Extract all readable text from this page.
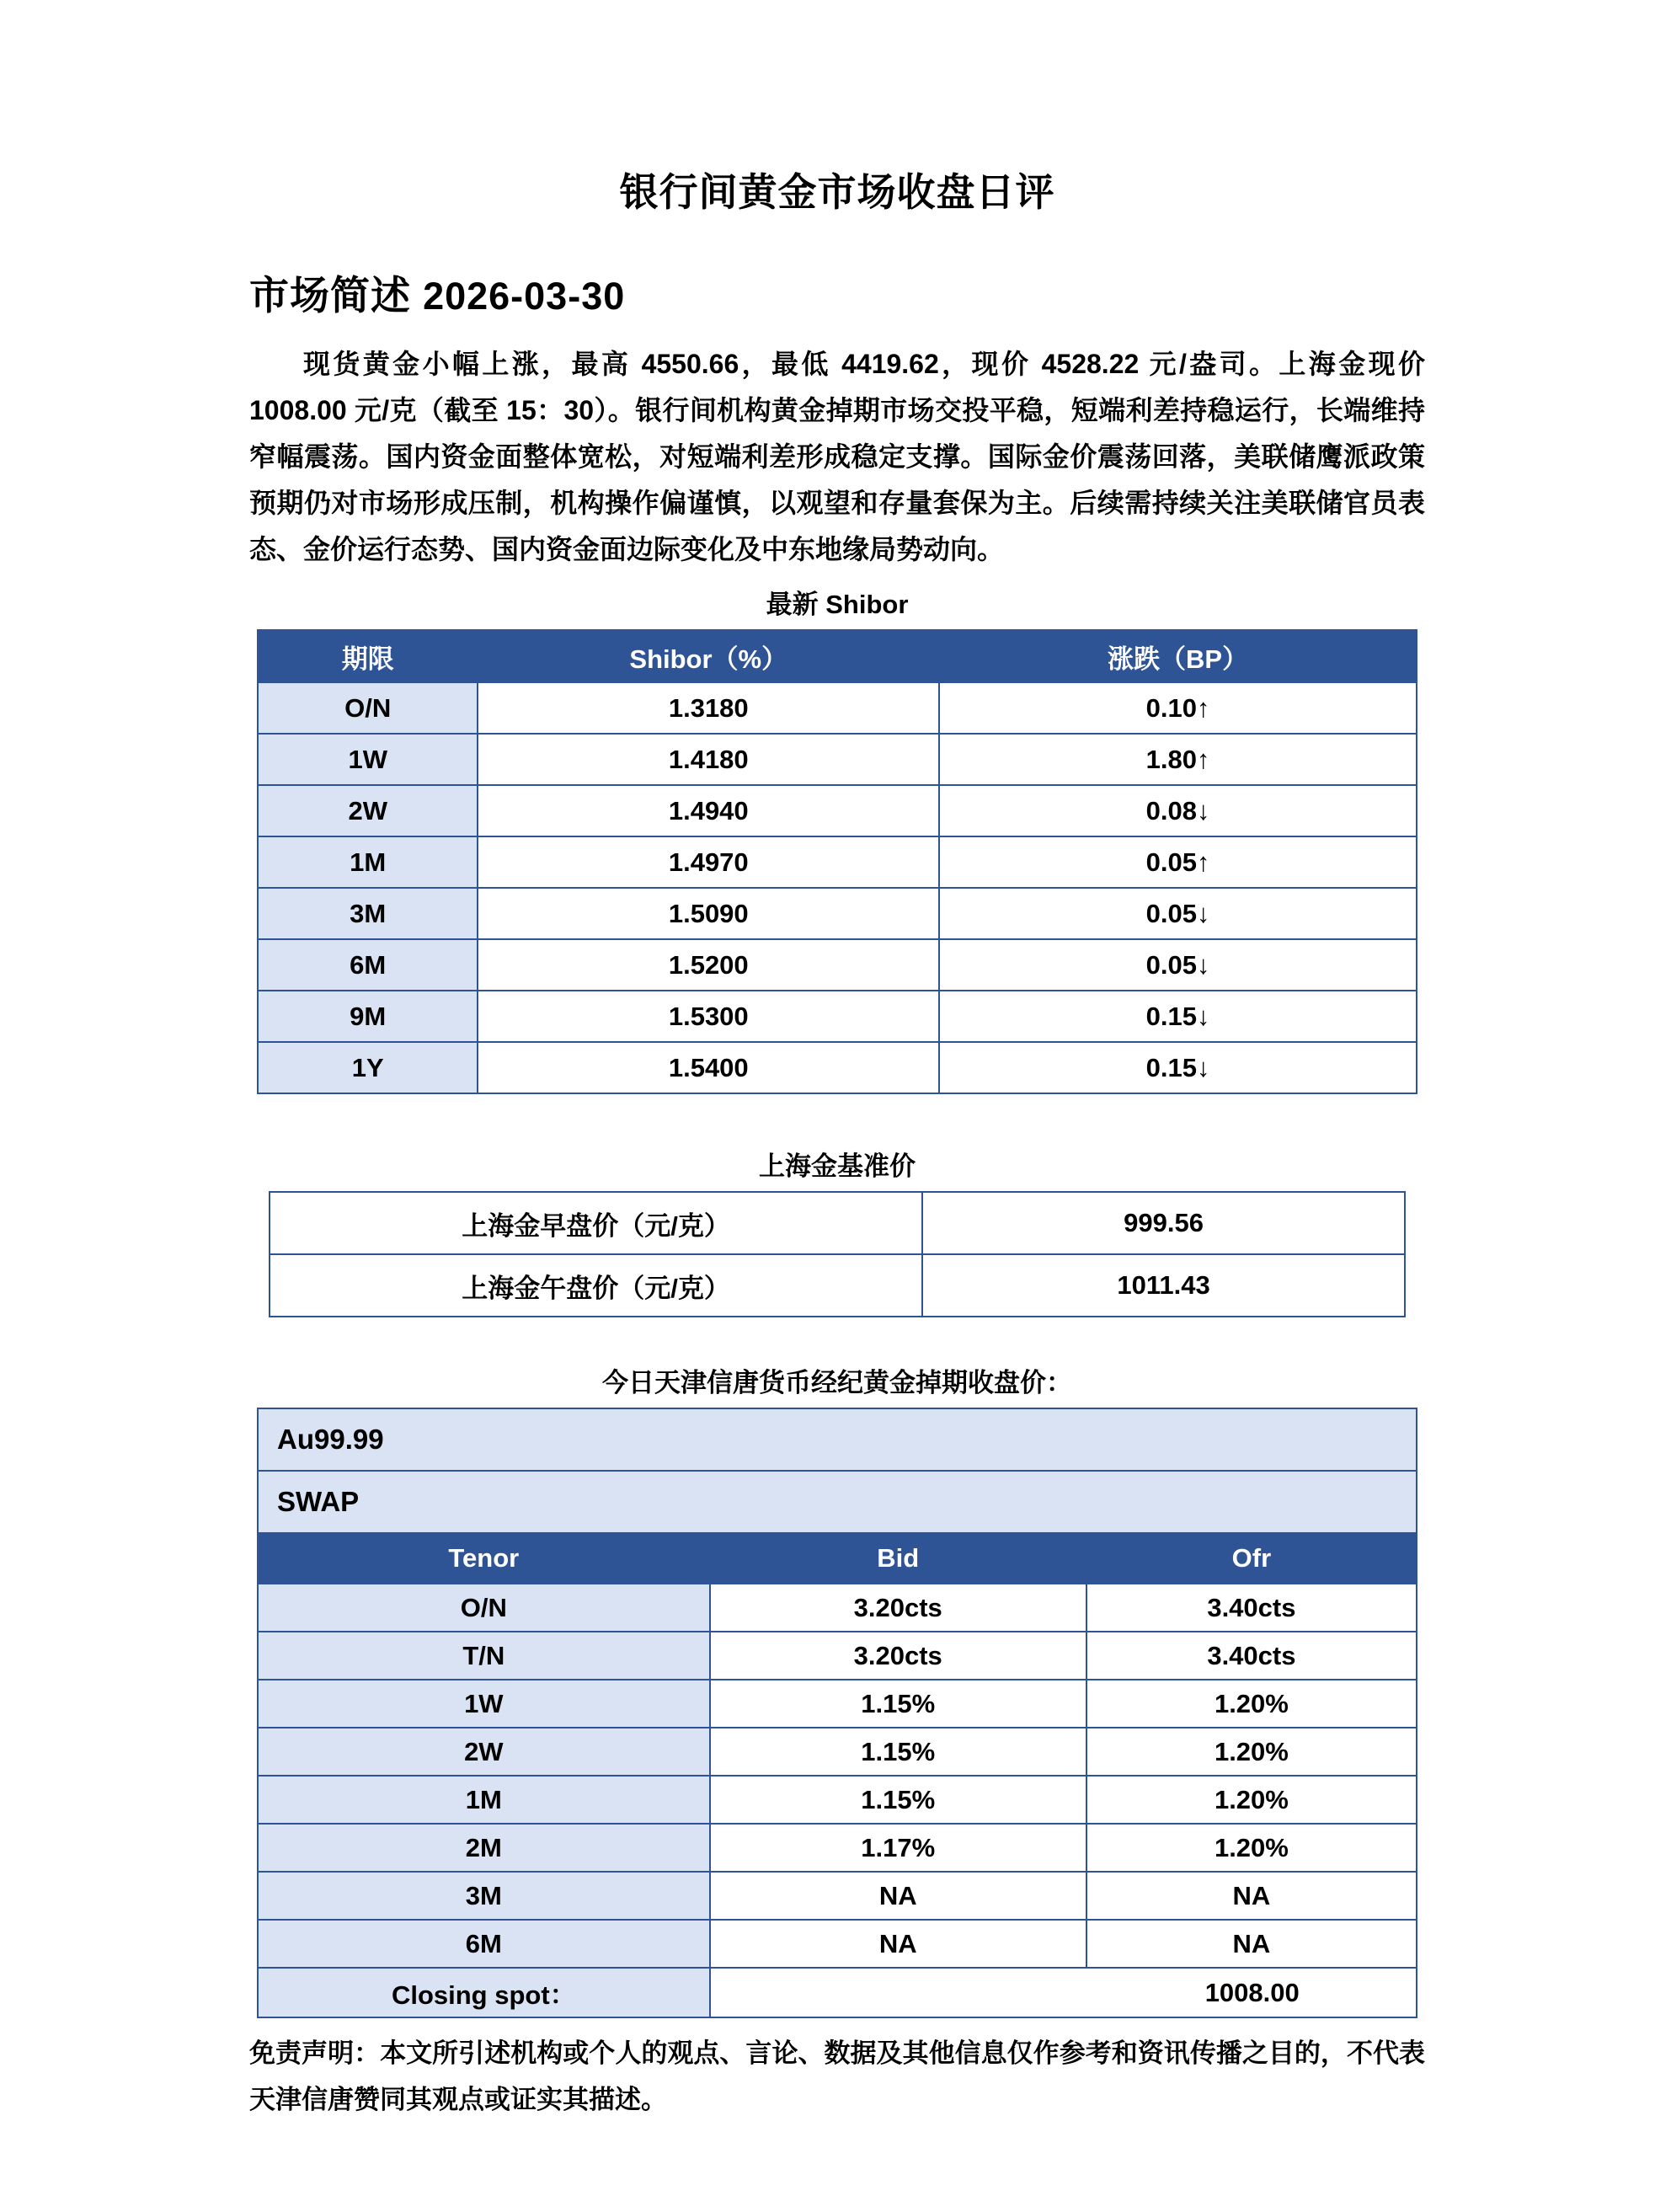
银行间黄金市场收盘日评
市场简述 2026-03-30

现货黄金小幅上涨，最高 4550.66，最低 4419.62，现价 4528.22 元/盎司。上海金现价 1008.00 元/克（截至 15：30）。银行间机构黄金掉期市场交投平稳，短端利差持稳运行，长端维持窄幅震荡。国内资金面整体宽松，对短端利差形成稳定支撑。国际金价震荡回落，美联储鹰派政策预期仍对市场形成压制，机构操作偏谨慎，以观望和存量套保为主。后续需持续关注美联储官员表态、金价运行态势、国内资金面边际变化及中东地缘局势动向。

最新 Shibor
期限	Shibor（%）	涨跌（BP）
O/N	1.3180	0.10↑
1W	1.4180	1.80↑
2W	1.4940	0.08↓
1M	1.4970	0.05↑
3M	1.5090	0.05↓
6M	1.5200	0.05↓
9M	1.5300	0.15↓
1Y	1.5400	0.15↓
上海金基准价
上海金早盘价（元/克）	999.56
上海金午盘价（元/克）	1011.43
今日天津信唐货币经纪黄金掉期收盘价：
Au99.99		
SWAP		
Tenor	Bid	Ofr
O/N	3.20cts	3.40cts
T/N	3.20cts	3.40cts
1W	1.15%	1.20%
2W	1.15%	1.20%
1M	1.15%	1.20%
2M	1.17%	1.20%
3M	NA	NA
6M	NA	NA
Closing spot：	1008.00	

免责声明：本文所引述机构或个人的观点、言论、数据及其他信息仅作参考和资讯传播之目的，不代表天津信唐赞同其观点或证实其描述。
